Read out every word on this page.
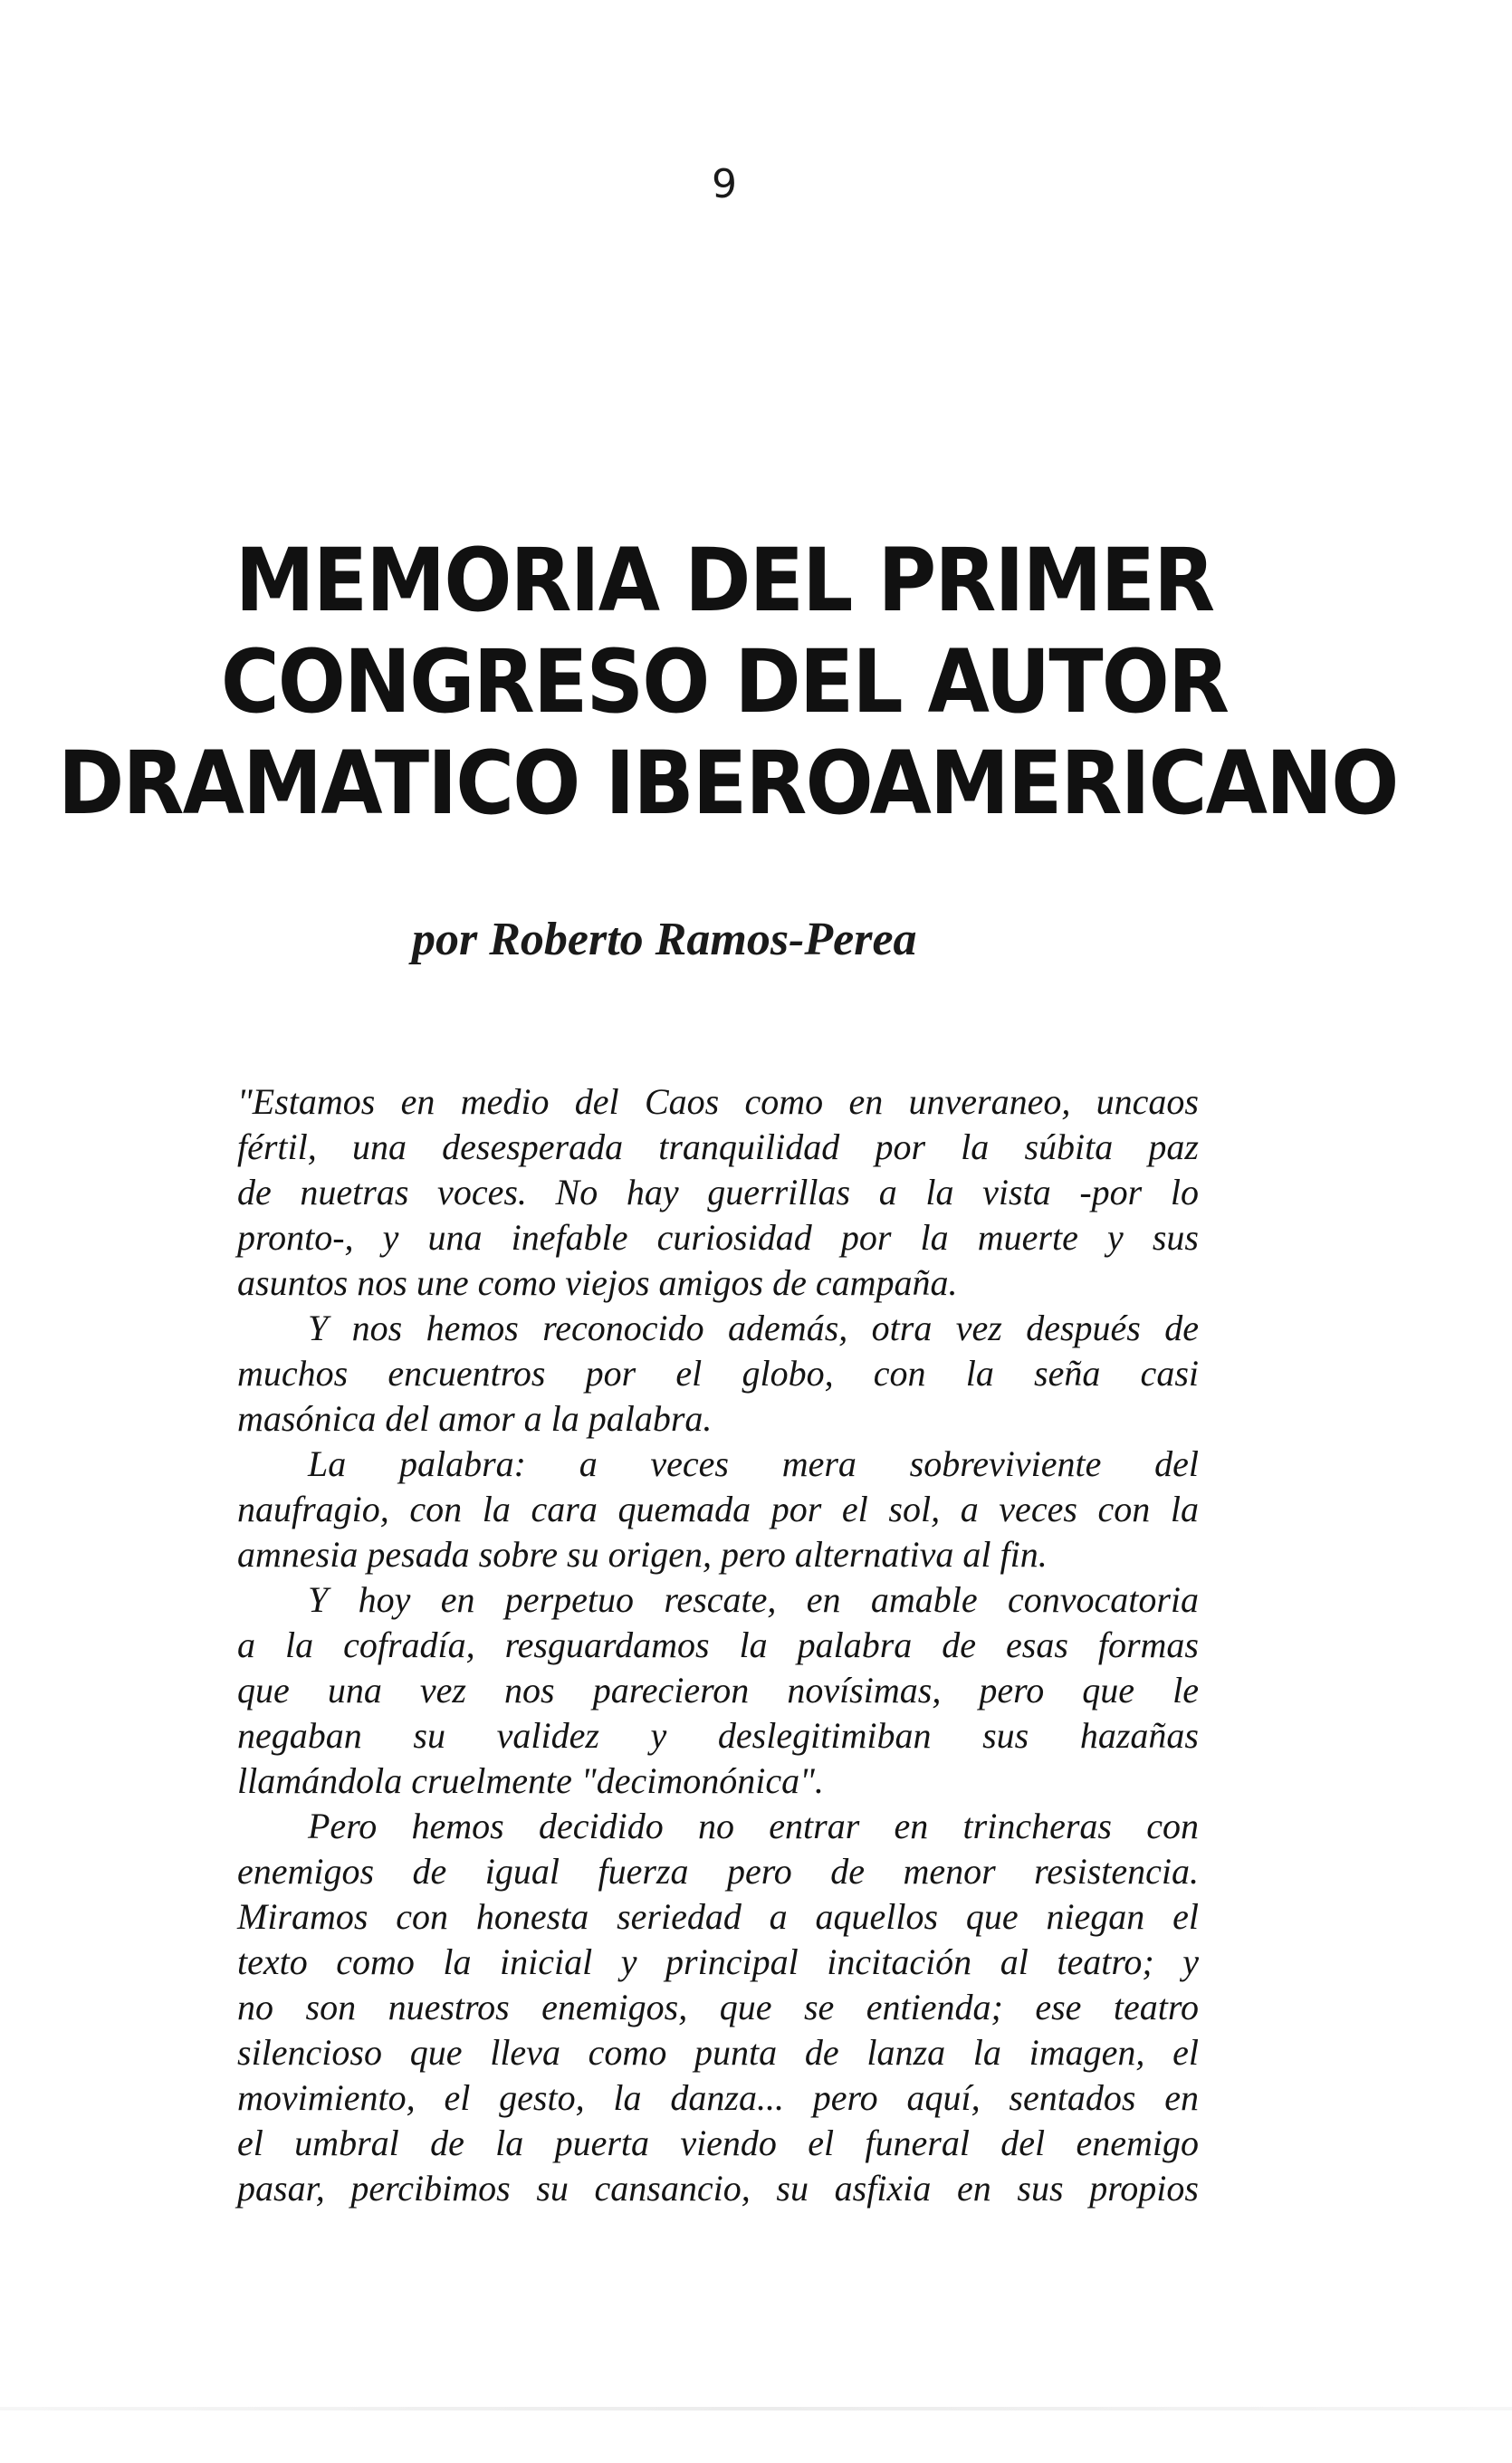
9
MEMORIA DEL PRIMER
CONGRESO DEL AUTOR
DRAMATICO IBEROAMERICANO
por Roberto Ramos-Perea
"Estamos en medio del Caos como en unveraneo, uncaos
fértil, una desesperada tranquilidad por la súbita paz
de nuetras voces. No hay guerrillas a la vista -por lo
pronto-, y una inefable curiosidad por la muerte y sus
asuntos nos une como viejos amigos de campaña.
Y nos hemos reconocido además, otra vez después de
muchos encuentros por el globo, con la seña casi
masónica del amor a la palabra.
La palabra: a veces mera sobreviviente del
naufragio, con la cara quemada por el sol, a veces con la
amnesia pesada sobre su origen, pero alternativa al fin.
Y hoy en perpetuo rescate, en amable convocatoria
a la cofradía, resguardamos la palabra de esas formas
que una vez nos parecieron novísimas, pero que le
negaban su validez y deslegitimiban sus hazañas
llamándola cruelmente "decimonónica".
Pero hemos decidido no entrar en trincheras con
enemigos de igual fuerza pero de menor resistencia.
Miramos con honesta seriedad a aquellos que niegan el
texto como la inicial y principal incitación al teatro; y
no son nuestros enemigos, que se entienda; ese teatro
silencioso que lleva como punta de lanza la imagen, el
movimiento, el gesto, la danza... pero aquí, sentados en
el umbral de la puerta viendo el funeral del enemigo
pasar, percibimos su cansancio, su asfixia en sus propios
